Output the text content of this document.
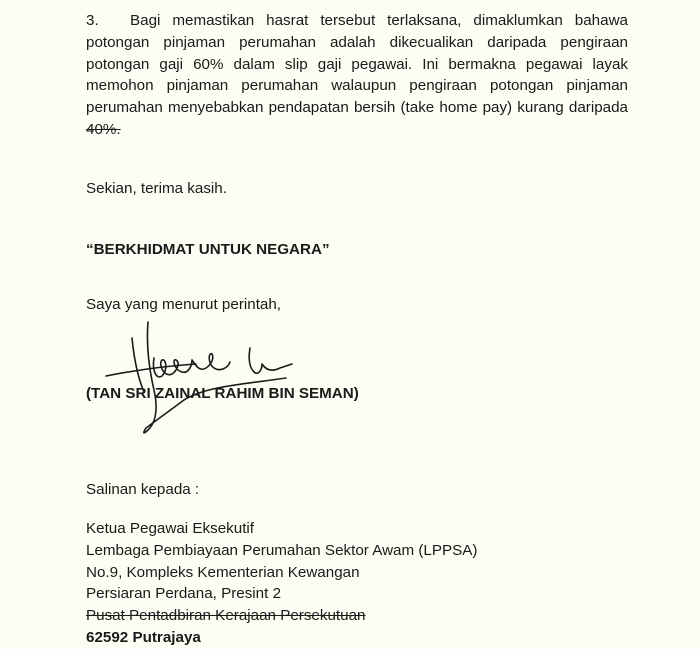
3. Bagi memastikan hasrat tersebut terlaksana, dimaklumkan bahawa
potongan pinjaman perumahan adalah dikecualikan daripada pengiraan
potongan gaji 60% dalam slip gaji pegawai. Ini bermakna pegawai layak
memohon pinjaman perumahan walaupun pengiraan potongan pinjaman
perumahan menyebabkan pendapatan bersih (take home pay) kurang daripada
40%.
Sekian, terima kasih.
“BERKHIDMAT UNTUK NEGARA”
Saya yang menurut perintah,
(TAN SRI ZAINAL RAHIM BIN SEMAN)
Salinan kepada :
Ketua Pegawai Eksekutif
Lembaga Pembiayaan Perumahan Sektor Awam (LPPSA)
No.9, Kompleks Kementerian Kewangan
Persiaran Perdana, Presint 2
Pusat Pentadbiran Kerajaan Persekutuan
62592 Putrajaya
